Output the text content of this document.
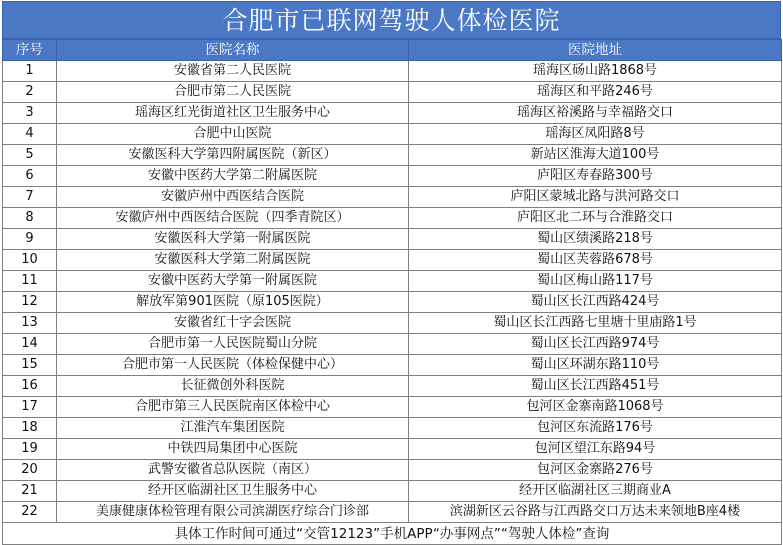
合肥市已联网驾驶人体检医院
序号	医院名称	医院地址
1	安徽省第二人民医院	瑶海区砀山路1868号
2	合肥市第二人民医院	瑶海区和平路246号
3	瑶海区红光街道社区卫生服务中心	瑶海区裕溪路与幸福路交口
4	合肥中山医院	瑶海区凤阳路8号
5	安徽医科大学第四附属医院（新区）	新站区淮海大道100号
6	安徽中医药大学第二附属医院	庐阳区寿春路300号
7	安徽庐州中西医结合医院	庐阳区蒙城北路与洪河路交口
8	安徽庐州中西医结合医院（四季青院区）	庐阳区北二环与合淮路交口
9	安徽医科大学第一附属医院	蜀山区绩溪路218号
10	安徽医科大学第二附属医院	蜀山区芙蓉路678号
11	安徽中医药大学第一附属医院	蜀山区梅山路117号
12	解放军第901医院（原105医院）	蜀山区长江西路424号
13	安徽省红十字会医院	蜀山区长江西路七里塘十里庙路1号
14	合肥市第一人民医院蜀山分院	蜀山区长江西路974号
15	合肥市第一人民医院（体检保健中心）	蜀山区环湖东路110号
16	长征微创外科医院	蜀山区长江西路451号
17	合肥市第三人民医院南区体检中心	包河区金寨南路1068号
18	江淮汽车集团医院	包河区东流路176号
19	中铁四局集团中心医院	包河区望江东路94号
20	武警安徽省总队医院（南区）	包河区金寨路276号
21	经开区临湖社区卫生服务中心	经开区临湖社区三期商业A
22	美康健康体检管理有限公司滨湖医疗综合门诊部	滨湖新区云谷路与江西路交口万达未来领地B座4楼
具体工作时间可通过“交管12123”手机APP“办事网点”“驾驶人体检”查询		
